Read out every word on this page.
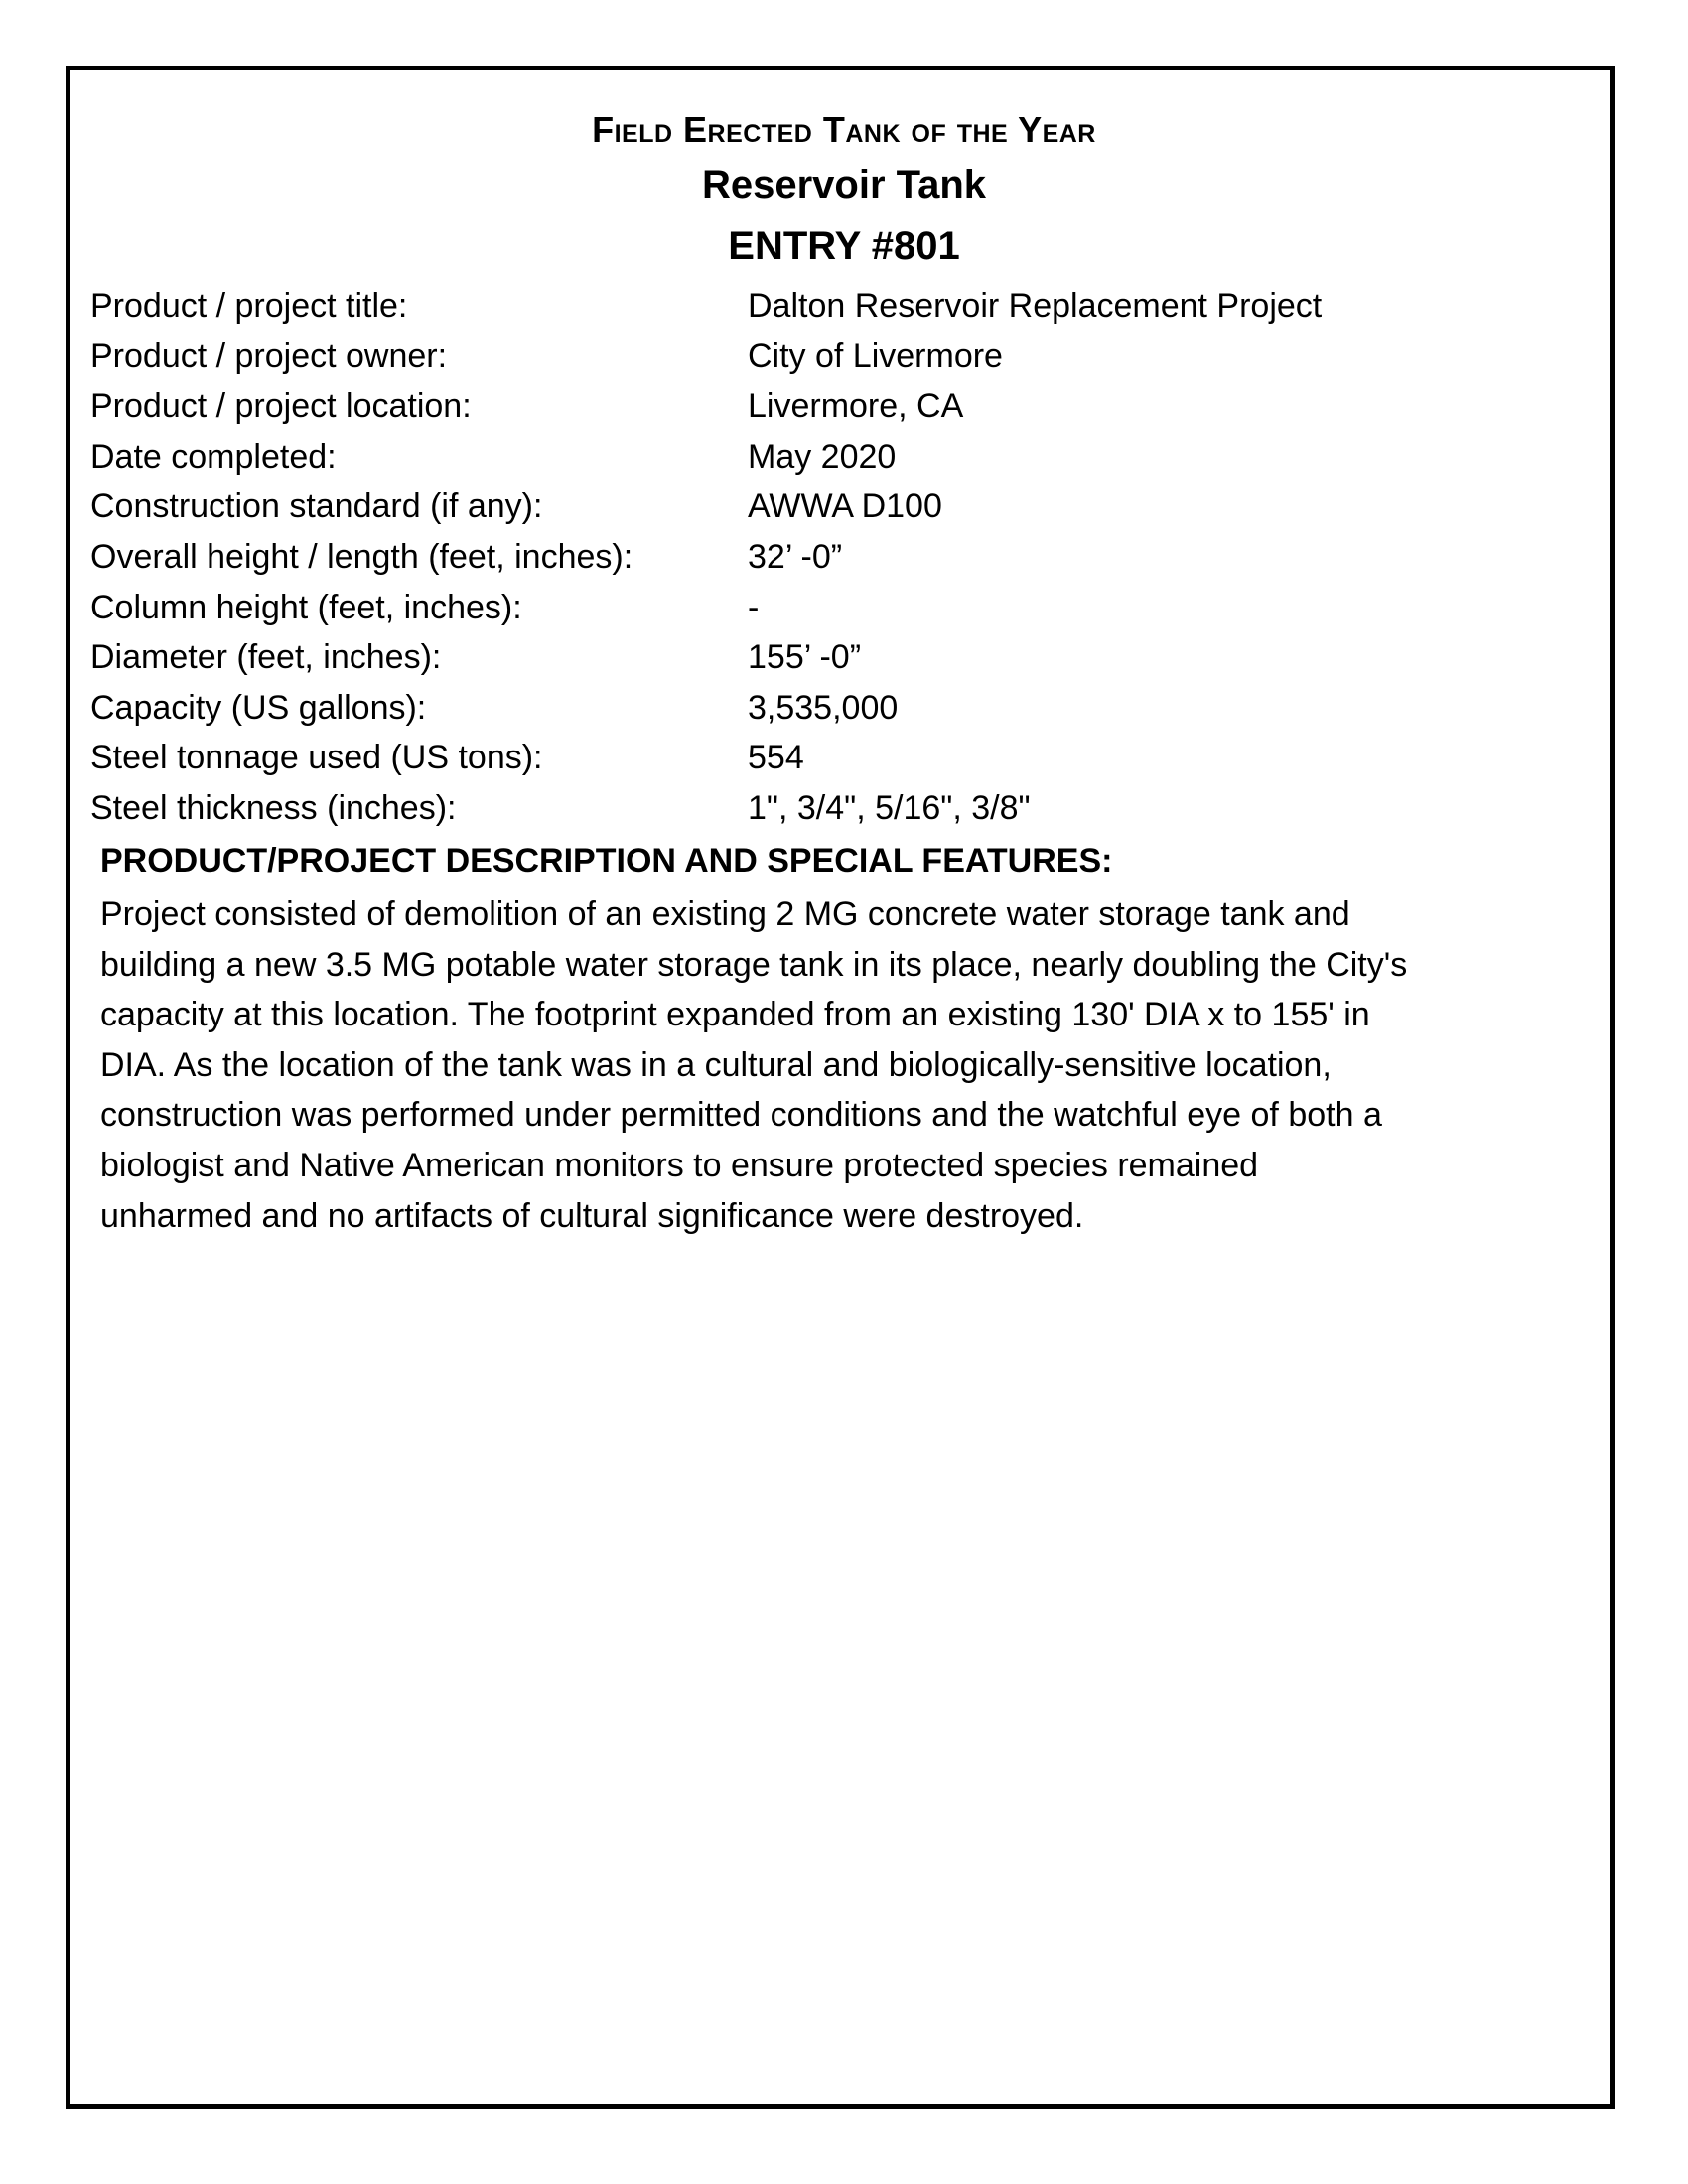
Field Erected Tank of the Year
Reservoir Tank
ENTRY #801
Product / project title:	Dalton Reservoir Replacement Project
Product / project owner:	City of Livermore
Product / project location:	Livermore, CA
Date completed:	May 2020
Construction standard (if any):	AWWA D100
Overall height / length (feet, inches):	32’ -0”
Column height (feet, inches):	-
Diameter (feet, inches):	155’ -0”
Capacity (US gallons):	3,535,000
Steel tonnage used (US tons):	554
Steel thickness (inches):	1", 3/4", 5/16", 3/8"
PRODUCT/PROJECT DESCRIPTION AND SPECIAL FEATURES:
Project consisted of demolition of an existing 2 MG concrete water storage tank and
building a new 3.5 MG potable water storage tank in its place, nearly doubling the City's
capacity at this location. The footprint expanded from an existing 130' DIA x to 155' in
DIA. As the location of the tank was in a cultural and biologically-sensitive location,
construction was performed under permitted conditions and the watchful eye of both a
biologist and Native American monitors to ensure protected species remained
unharmed and no artifacts of cultural significance were destroyed.
